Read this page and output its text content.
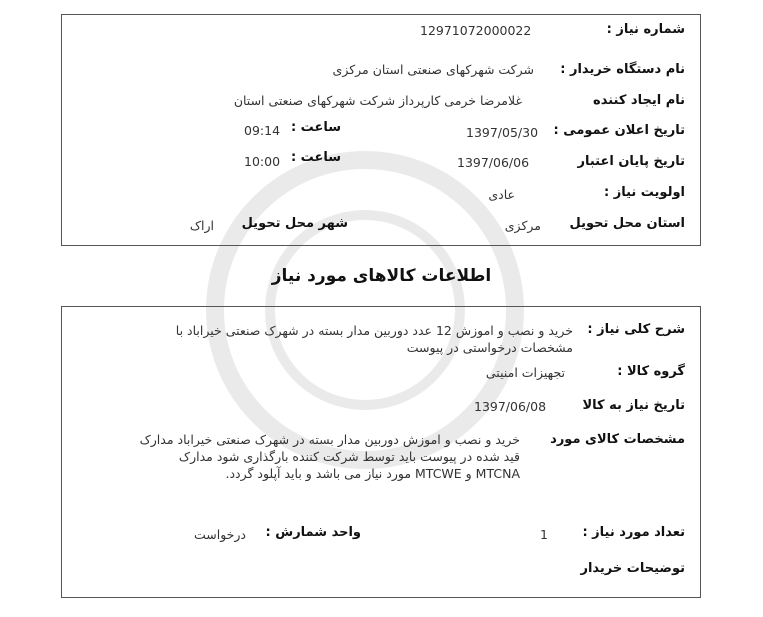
شماره نیاز :
12971072000022
نام دستگاه خریدار :
شرکت شهرکهای صنعتی استان مرکزی
نام ایجاد کننده
غلامرضا خرمی کارپرداز شرکت شهرکهای صنعتی استان
تاریخ اعلان عمومی :
1397/05/30
ساعت :
09:14
تاریخ پایان اعتبار
1397/06/06
ساعت :
10:00
اولویت نیاز :
عادی
استان محل تحویل
مرکزی
شهر محل تحویل
اراک
اطلاعات کالاهای مورد نیاز
شرح کلی نیاز :
خرید و نصب و اموزش 12 عدد دوربین مدار بسته در شهرک صنعتی خیراباد با مشخصات درخواستی در پیوست
گروه کالا :
تجهیزات امنیتی
تاریخ نیاز به کالا
1397/06/08
مشخصات کالای مورد
خرید و نصب و اموزش دوربین مدار بسته در شهرک صنعتی خیراباد مدارک قید شده در پیوست باید توسط شرکت کننده بارگذاری شود مدارک MTCNA و MTCWE مورد نیاز می باشد و باید آپلود گردد.
تعداد مورد نیاز :
1
واحد شمارش :
درخواست
توضیحات خریدار
